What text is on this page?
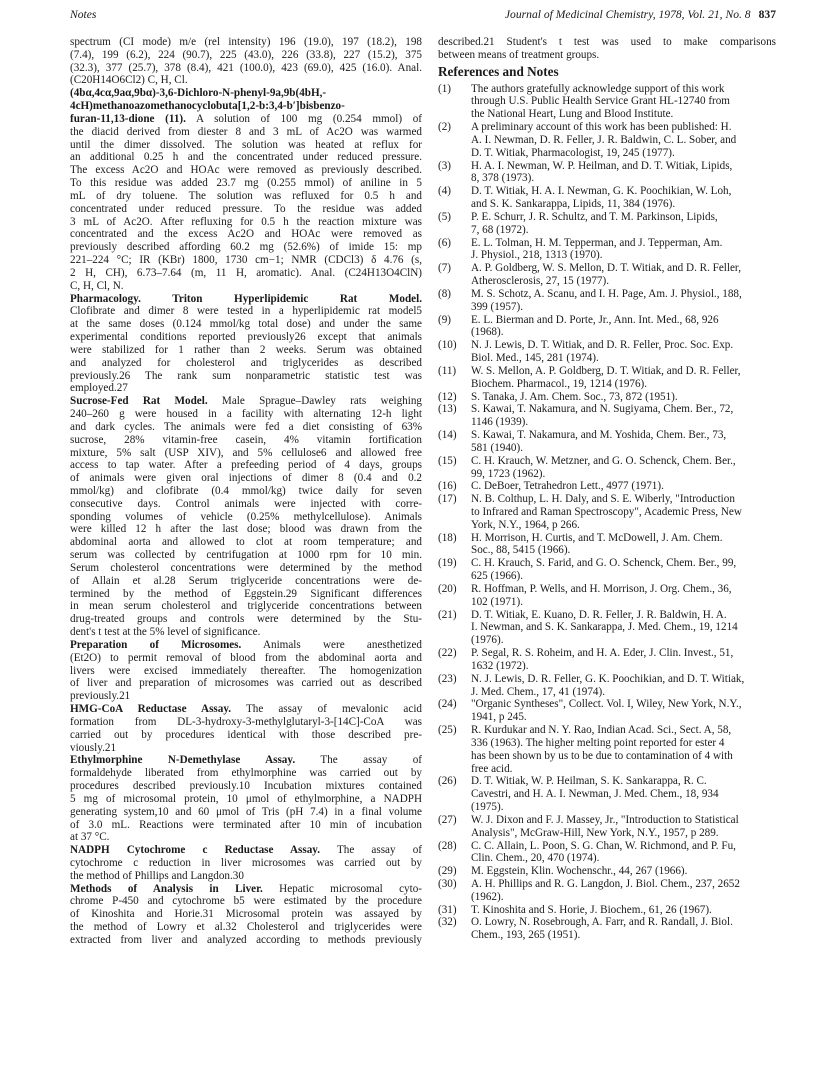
Notes	Journal of Medicinal Chemistry, 1978, Vol. 21, No. 8 837
spectrum (CI mode) m/e (rel intensity) 196 (19.0), 197 (18.2), 198
(7.4), 199 (6.2), 224 (90.7), 225 (43.0), 226 (33.8), 227 (15.2), 375
(32.3), 377 (25.7), 378 (8.4), 421 (100.0), 423 (69.0), 425 (16.0). Anal.
(C20H14O6Cl2) C, H, Cl.
(4bα,4cα,9aα,9bα)-3,6-Dichloro-N-phenyl-9a,9b(4bH,-
4cH)methanoazomethanocyclobuta[1,2-b:3,4-b′]bisbenzo-
furan-11,13-dione (11). A solution of 100 mg (0.254 mmol) of
the diacid derived from diester 8 and 3 mL of Ac2O was warmed
until the dimer dissolved. The solution was heated at reflux for
an additional 0.25 h and the concentrated under reduced pressure.
The excess Ac2O and HOAc were removed as previously described.
To this residue was added 23.7 mg (0.255 mmol) of aniline in 5
mL of dry toluene. The solution was refluxed for 0.5 h and
concentrated under reduced pressure. To the residue was added
3 mL of Ac2O. After refluxing for 0.5 h the reaction mixture was
concentrated and the excess Ac2O and HOAc were removed as
previously described affording 60.2 mg (52.6%) of imide 15: mp
221–224 °C; IR (KBr) 1800, 1730 cm−1; NMR (CDCl3) δ 4.76 (s,
2 H, CH), 6.73–7.64 (m, 11 H, aromatic). Anal. (C24H13O4ClN)
C, H, Cl, N.
Pharmacology. Triton Hyperlipidemic Rat Model.
Clofibrate and dimer 8 were tested in a hyperlipidemic rat model5
at the same doses (0.124 mmol/kg total dose) and under the same
experimental conditions reported previously26 except that animals
were stabilized for 1 rather than 2 weeks. Serum was obtained
and analyzed for cholesterol and triglycerides as described
previously.26 The rank sum nonparametric statistic test was
employed.27
Sucrose-Fed Rat Model. Male Sprague–Dawley rats weighing
240–260 g were housed in a facility with alternating 12-h light
and dark cycles. The animals were fed a diet consisting of 63%
sucrose, 28% vitamin-free casein, 4% vitamin fortification
mixture, 5% salt (USP XIV), and 5% cellulose6 and allowed free
access to tap water. After a prefeeding period of 4 days, groups
of animals were given oral injections of dimer 8 (0.4 and 0.2
mmol/kg) and clofibrate (0.4 mmol/kg) twice daily for seven
consecutive days. Control animals were injected with corre-
sponding volumes of vehicle (0.25% methylcellulose). Animals
were killed 12 h after the last dose; blood was drawn from the
abdominal aorta and allowed to clot at room temperature; and
serum was collected by centrifugation at 1000 rpm for 10 min.
Serum cholesterol concentrations were determined by the method
of Allain et al.28 Serum triglyceride concentrations were de-
termined by the method of Eggstein.29 Significant differences
in mean serum cholesterol and triglyceride concentrations between
drug-treated groups and controls were determined by the Stu-
dent's t test at the 5% level of significance.
Preparation of Microsomes. Animals were anesthetized
(Et2O) to permit removal of blood from the abdominal aorta and
livers were excised immediately thereafter. The homogenization
of liver and preparation of microsomes was carried out as described
previously.21
HMG-CoA Reductase Assay. The assay of mevalonic acid
formation from DL-3-hydroxy-3-methylglutaryl-3-[14C]-CoA was
carried out by procedures identical with those described pre-
viously.21
Ethylmorphine N-Demethylase Assay. The assay of
formaldehyde liberated from ethylmorphine was carried out by
procedures described previously.10 Incubation mixtures contained
5 mg of microsomal protein, 10 μmol of ethylmorphine, a NADPH
generating system,10 and 60 μmol of Tris (pH 7.4) in a final volume
of 3.0 mL. Reactions were terminated after 10 min of incubation
at 37 °C.
NADPH Cytochrome c Reductase Assay. The assay of
cytochrome c reduction in liver microsomes was carried out by
the method of Phillips and Langdon.30
Methods of Analysis in Liver. Hepatic microsomal cyto-
chrome P-450 and cytochrome b5 were estimated by the procedure
of Kinoshita and Horie.31 Microsomal protein was assayed by
the method of Lowry et al.32 Cholesterol and triglycerides were
extracted from liver and analyzed according to methods previously
described.21 Student's t test was used to make comparisons
between means of treatment groups.
References and Notes
(1) The authors gratefully acknowledge support of this work
through U.S. Public Health Service Grant HL-12740 from
the National Heart, Lung and Blood Institute.
(2) A preliminary account of this work has been published: H.
A. I. Newman, D. R. Feller, J. R. Baldwin, C. L. Sober, and
D. T. Witiak, Pharmacologist, 19, 245 (1977).
(3) H. A. I. Newman, W. P. Heilman, and D. T. Witiak, Lipids,
8, 378 (1973).
(4) D. T. Witiak, H. A. I. Newman, G. K. Poochikian, W. Loh,
and S. K. Sankarappa, Lipids, 11, 384 (1976).
(5) P. E. Schurr, J. R. Schultz, and T. M. Parkinson, Lipids,
7, 68 (1972).
(6) E. L. Tolman, H. M. Tepperman, and J. Tepperman, Am.
J. Physiol., 218, 1313 (1970).
(7) A. P. Goldberg, W. S. Mellon, D. T. Witiak, and D. R. Feller,
Atherosclerosis, 27, 15 (1977).
(8) M. S. Schotz, A. Scanu, and I. H. Page, Am. J. Physiol., 188,
399 (1957).
(9) E. L. Bierman and D. Porte, Jr., Ann. Int. Med., 68, 926
(1968).
(10) N. J. Lewis, D. T. Witiak, and D. R. Feller, Proc. Soc. Exp.
Biol. Med., 145, 281 (1974).
(11) W. S. Mellon, A. P. Goldberg, D. T. Witiak, and D. R. Feller,
Biochem. Pharmacol., 19, 1214 (1976).
(12) S. Tanaka, J. Am. Chem. Soc., 73, 872 (1951).
(13) S. Kawai, T. Nakamura, and N. Sugiyama, Chem. Ber., 72,
1146 (1939).
(14) S. Kawai, T. Nakamura, and M. Yoshida, Chem. Ber., 73,
581 (1940).
(15) C. H. Krauch, W. Metzner, and G. O. Schenck, Chem. Ber.,
99, 1723 (1962).
(16) C. DeBoer, Tetrahedron Lett., 4977 (1971).
(17) N. B. Colthup, L. H. Daly, and S. E. Wiberly, "Introduction
to Infrared and Raman Spectroscopy", Academic Press, New
York, N.Y., 1964, p 266.
(18) H. Morrison, H. Curtis, and T. McDowell, J. Am. Chem.
Soc., 88, 5415 (1966).
(19) C. H. Krauch, S. Farid, and G. O. Schenck, Chem. Ber., 99,
625 (1966).
(20) R. Hoffman, P. Wells, and H. Morrison, J. Org. Chem., 36,
102 (1971).
(21) D. T. Witiak, E. Kuano, D. R. Feller, J. R. Baldwin, H. A.
I. Newman, and S. K. Sankarappa, J. Med. Chem., 19, 1214
(1976).
(22) P. Segal, R. S. Roheim, and H. A. Eder, J. Clin. Invest., 51,
1632 (1972).
(23) N. J. Lewis, D. R. Feller, G. K. Poochikian, and D. T. Witiak,
J. Med. Chem., 17, 41 (1974).
(24) "Organic Syntheses", Collect. Vol. I, Wiley, New York, N.Y.,
1941, p 245.
(25) R. Kurdukar and N. Y. Rao, Indian Acad. Sci., Sect. A, 58,
336 (1963). The higher melting point reported for ester 4
has been shown by us to be due to contamination of 4 with
free acid.
(26) D. T. Witiak, W. P. Heilman, S. K. Sankarappa, R. C.
Cavestri, and H. A. I. Newman, J. Med. Chem., 18, 934
(1975).
(27) W. J. Dixon and F. J. Massey, Jr., "Introduction to Statistical
Analysis", McGraw-Hill, New York, N.Y., 1957, p 289.
(28) C. C. Allain, L. Poon, S. G. Chan, W. Richmond, and P. Fu,
Clin. Chem., 20, 470 (1974).
(29) M. Eggstein, Klin. Wochenschr., 44, 267 (1966).
(30) A. H. Phillips and R. G. Langdon, J. Biol. Chem., 237, 2652
(1962).
(31) T. Kinoshita and S. Horie, J. Biochem., 61, 26 (1967).
(32) O. Lowry, N. Rosebrough, A. Farr, and R. Randall, J. Biol.
Chem., 193, 265 (1951).
